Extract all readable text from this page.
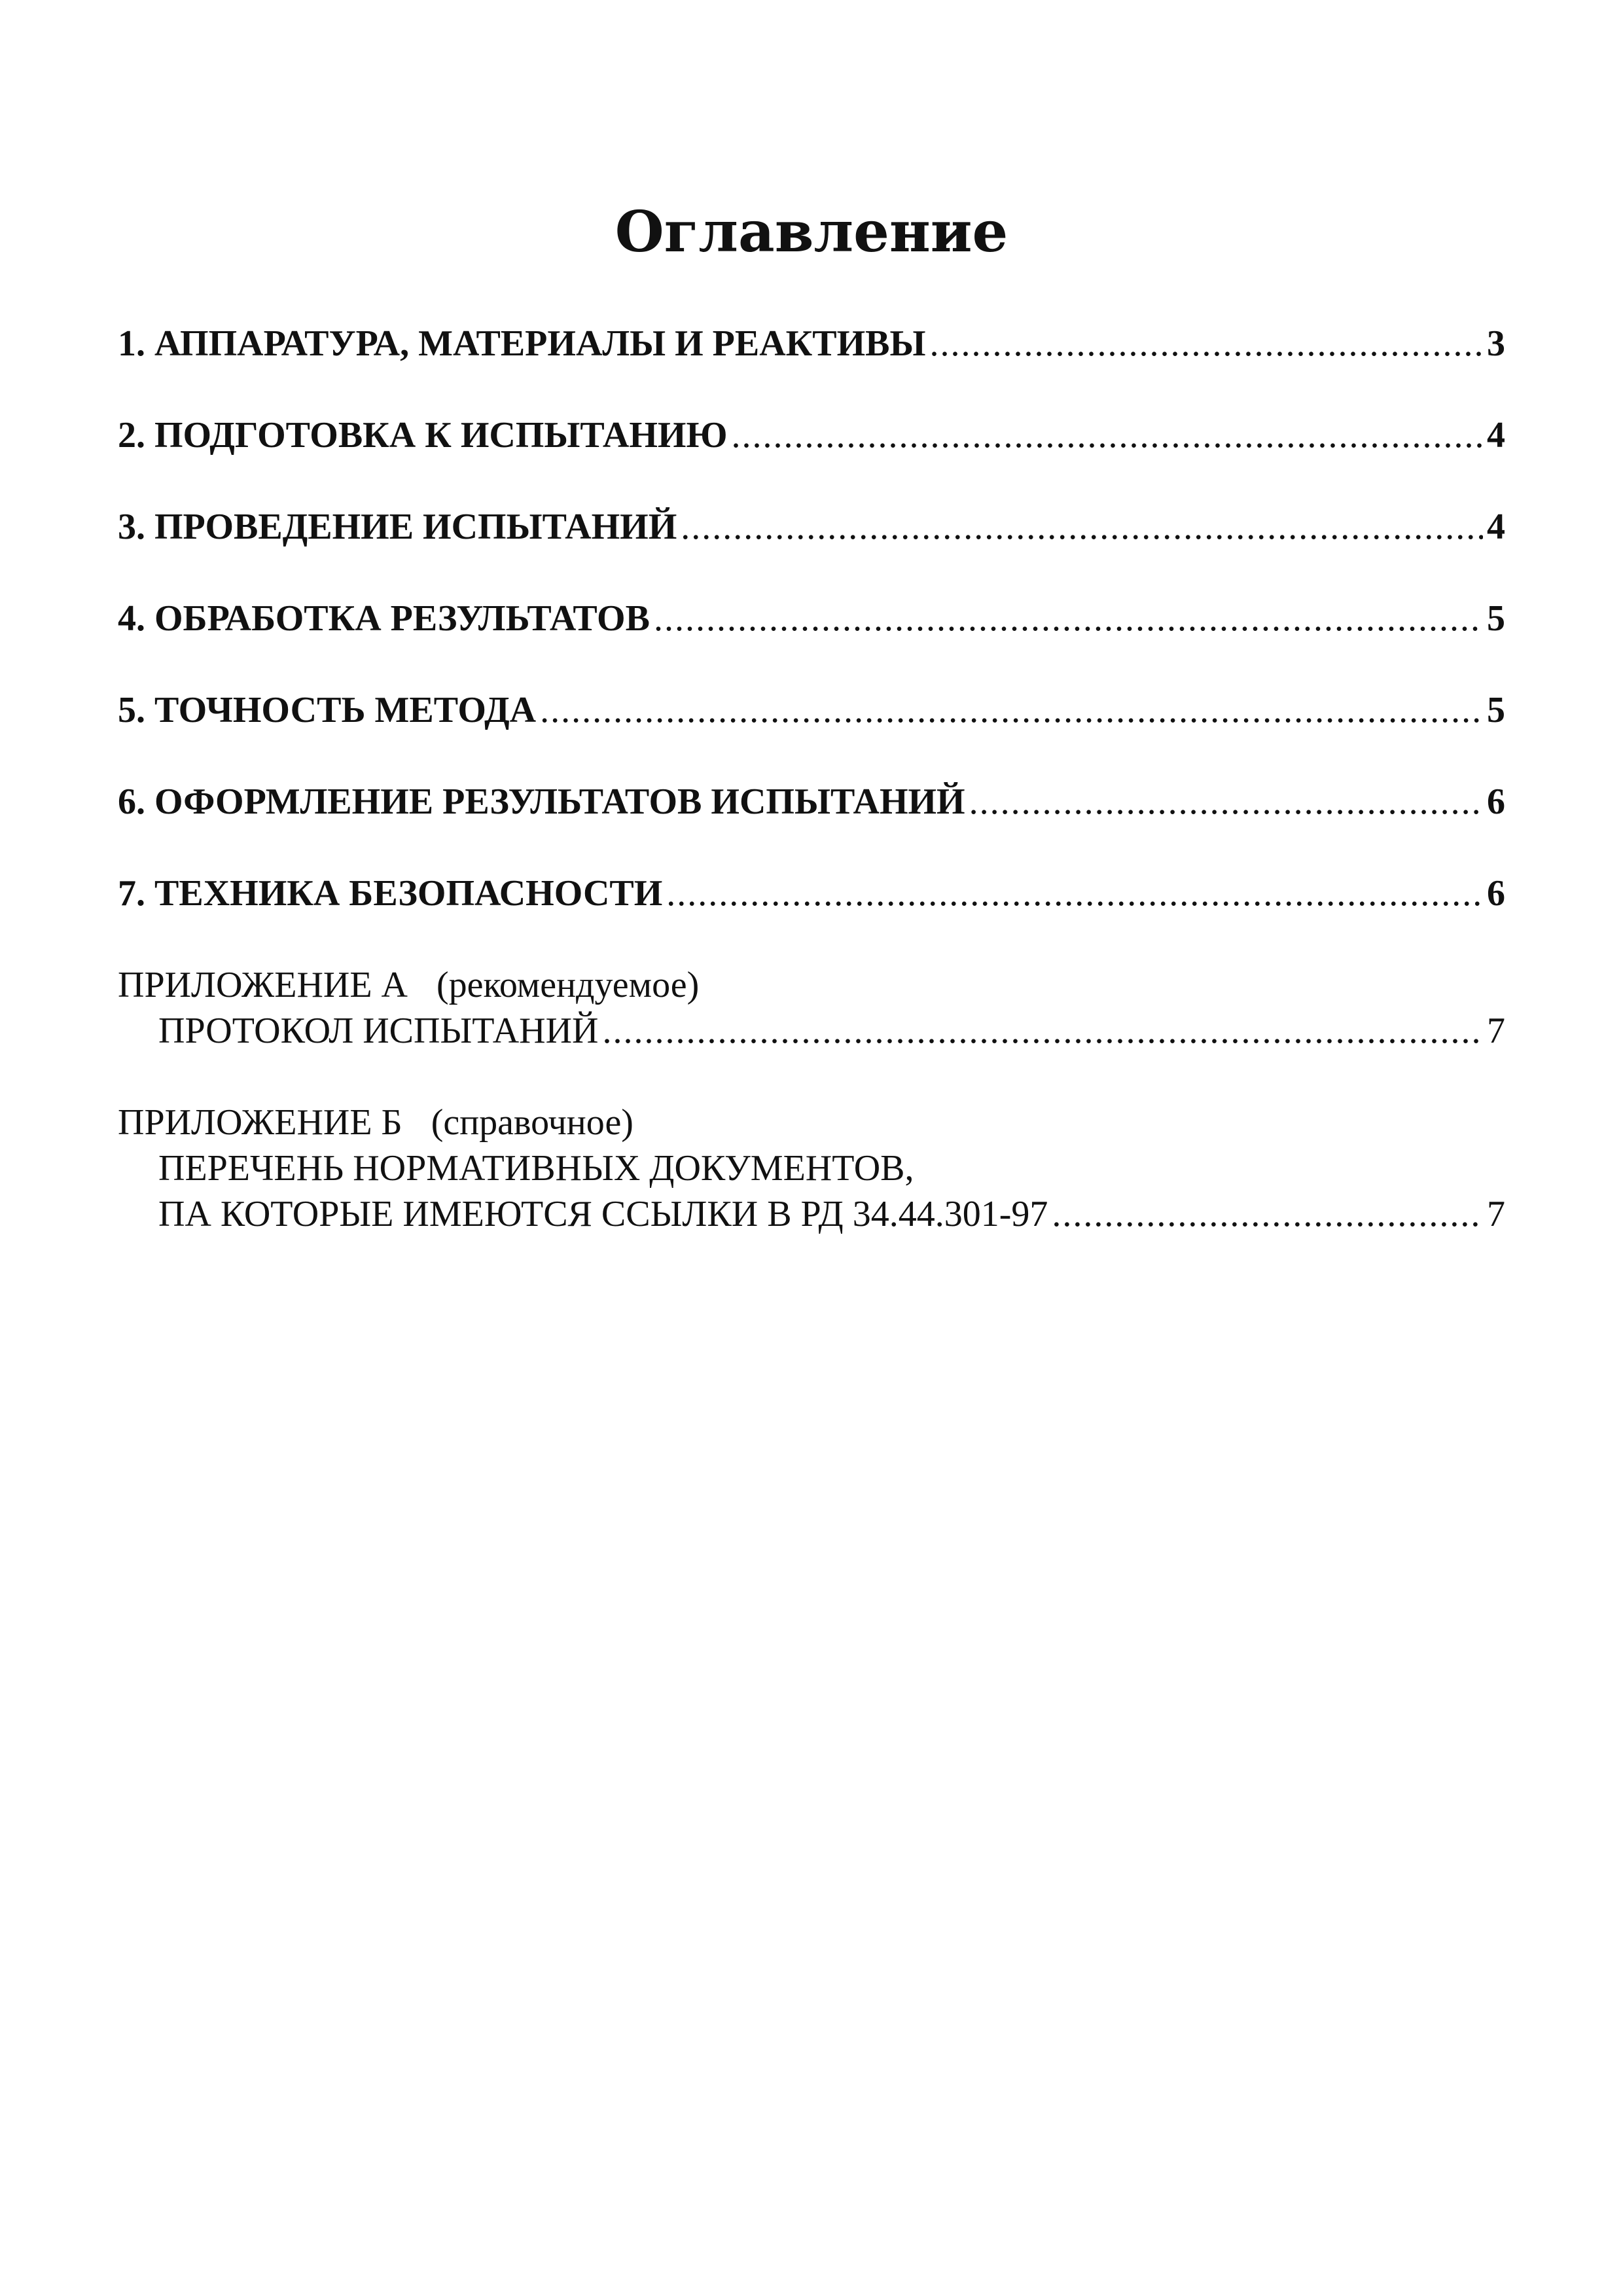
Оглавление
1. АППАРАТУРА, МАТЕРИАЛЫ И РЕАКТИВЫ .....	3
2. ПОДГОТОВКА К ИСПЫТАНИЮ .....	4
3. ПРОВЕДЕНИЕ ИСПЫТАНИЙ .....	4
4. ОБРАБОТКА РЕЗУЛЬТАТОВ .....	5
5. ТОЧНОСТЬ МЕТОДА .....	5
6. ОФОРМЛЕНИЕ РЕЗУЛЬТАТОВ ИСПЫТАНИЙ .....	6
7. ТЕХНИКА БЕЗОПАСНОСТИ .....	6
ПРИЛОЖЕНИЕ А (рекомендуемое)
ПРОТОКОЛ ИСПЫТАНИЙ .....	7
ПРИЛОЖЕНИЕ Б (справочное)
ПЕРЕЧЕНЬ НОРМАТИВНЫХ ДОКУМЕНТОВ,
ПА КОТОРЫЕ ИМЕЮТСЯ ССЫЛКИ В РД 34.44.301-97 .....	7
